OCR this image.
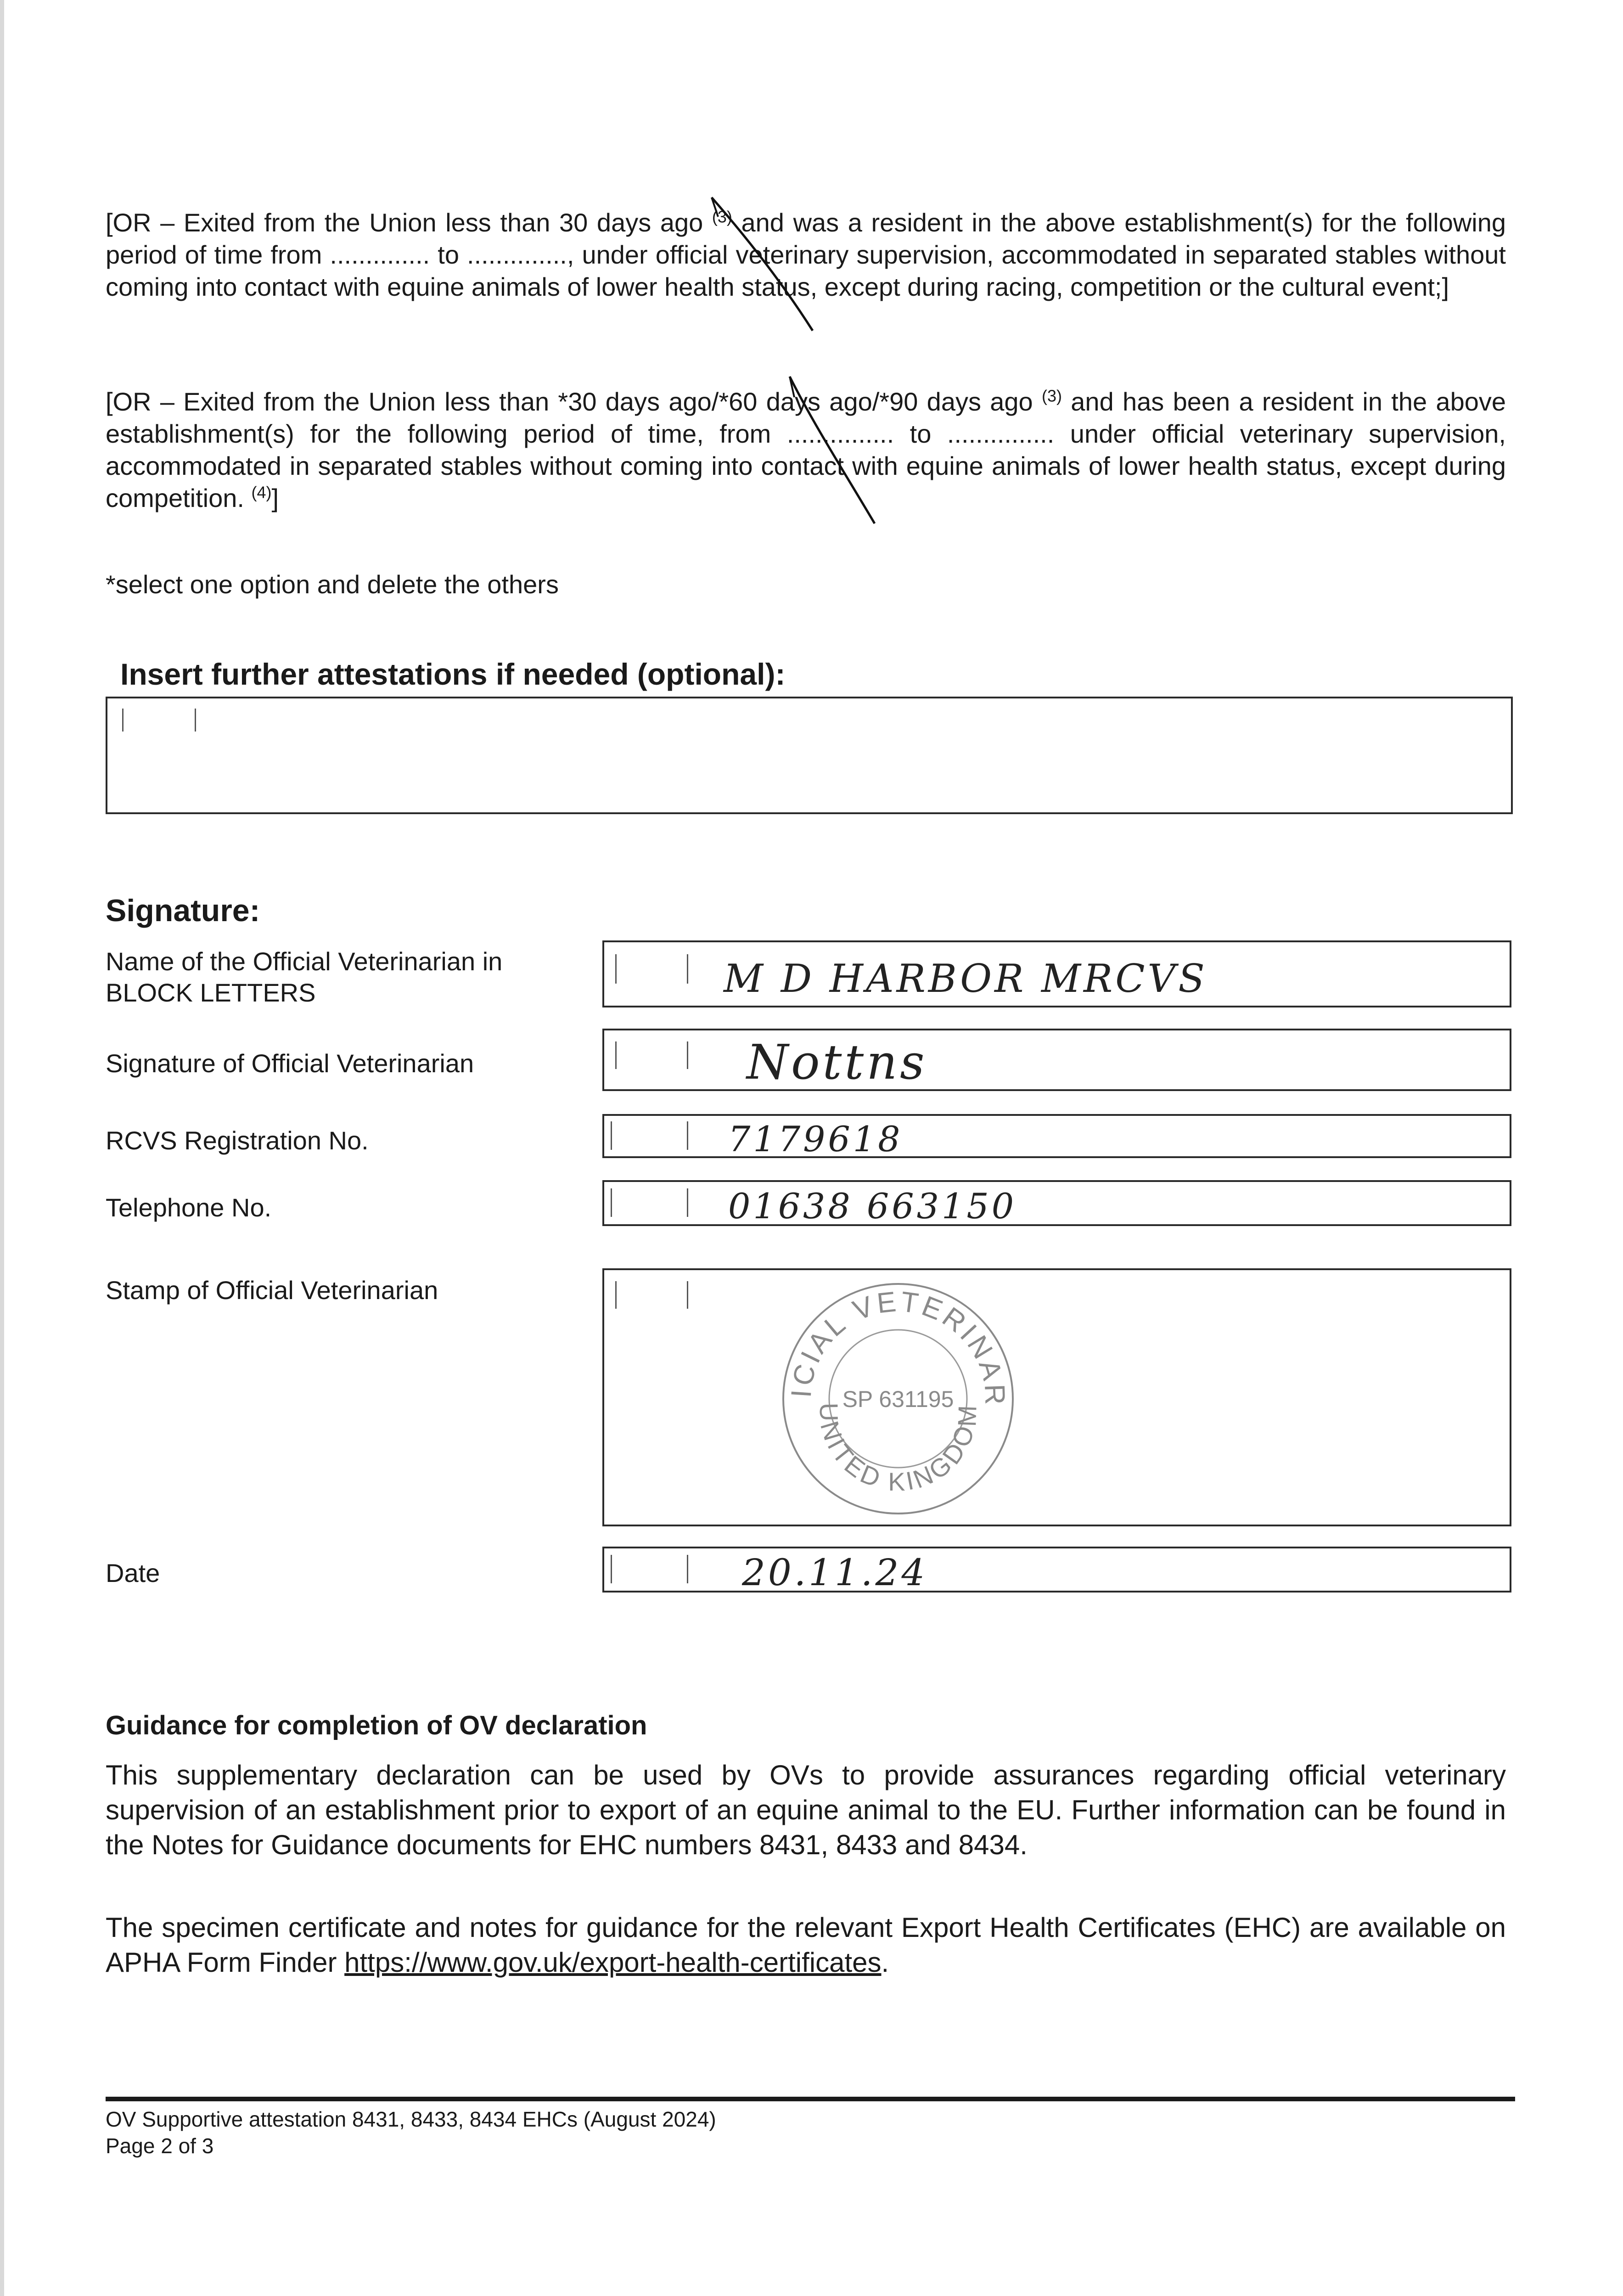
[OR – Exited from the Union less than 30 days ago $^{(3)}$ and was a resident in the above establishment(s) for the following period of time from .............. to .............., under official veterinary supervision, accommodated in separated stables without coming into contact with equine animals of lower health status, except during racing, competition or the cultural event;]

[OR – Exited from the Union less than *30 days ago/*60 days ago/*90 days ago $^{(3)}$ and has been a resident in the above establishment(s) for the following period of time, from ............... to ............... under official veterinary supervision, accommodated in separated stables without coming into contact with equine animals of lower health status, except during competition. $^{(4)}$]

*select one option and delete the others

Insert further attestations if needed (optional):

Signature:

Name of the Official Veterinarian in BLOCK LETTERS	M D HARBOR MRCVS

Signature of Official Veterinarian	Nottns

RCVS Registration No.	7179618

Telephone No.	01638 663150

Stamp of Official Veterinarian

OFFICIAL VETERINARIAN
UNITED KINGDOM
SP 631195

Date	20.11.24

Guidance for completion of OV declaration

This supplementary declaration can be used by OVs to provide assurances regarding official veterinary supervision of an establishment prior to export of an equine animal to the EU. Further information can be found in the Notes for Guidance documents for EHC numbers 8431, 8433 and 8434.

The specimen certificate and notes for guidance for the relevant Export Health Certificates (EHC) are available on APHA Form Finder https://www.gov.uk/export-health-certificates.

OV Supportive attestation 8431, 8433, 8434 EHCs (August 2024)

Page 2 of 3
